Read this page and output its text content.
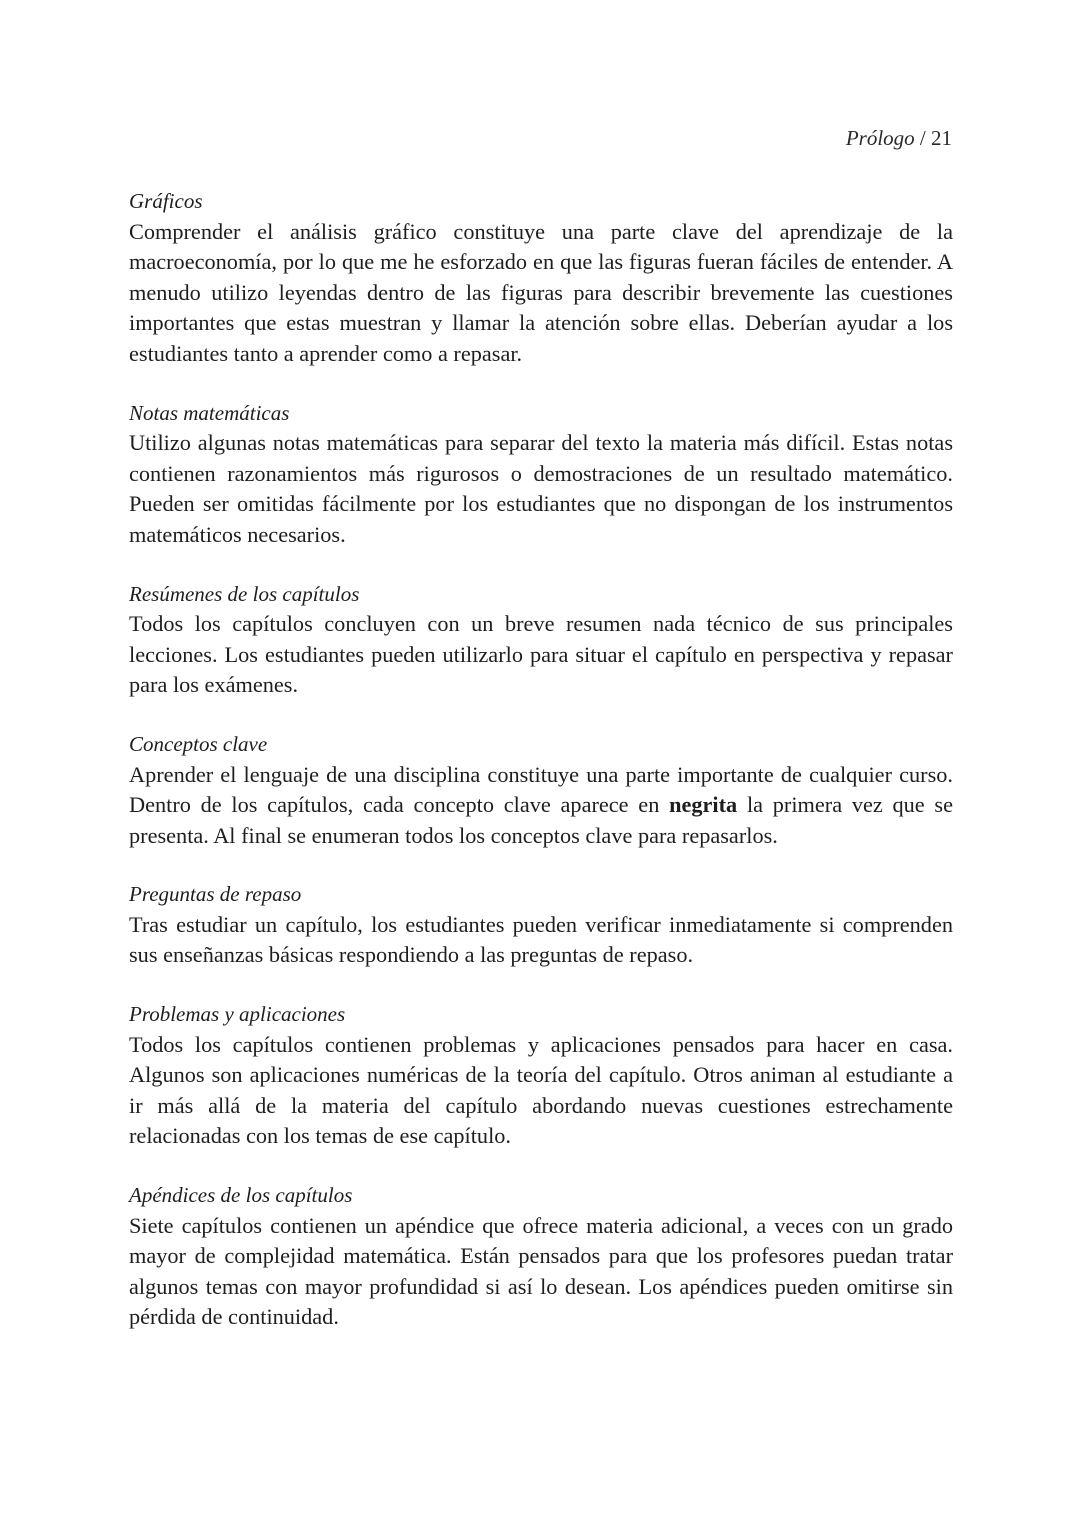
Prólogo / 21
Gráficos

Comprender el análisis gráfico constituye una parte clave del aprendizaje de la macroeconomía, por lo que me he esforzado en que las figuras fueran fáciles de entender. A menudo utilizo leyendas dentro de las figuras para describir brevemente las cuestiones importantes que estas muestran y llamar la atención sobre ellas. Deberían ayudar a los estudiantes tanto a aprender como a repasar.

Notas matemáticas

Utilizo algunas notas matemáticas para separar del texto la materia más difícil. Estas notas contienen razonamientos más rigurosos o demostraciones de un resultado matemático. Pueden ser omitidas fácilmente por los estudiantes que no dispongan de los instrumentos matemáticos necesarios.

Resúmenes de los capítulos

Todos los capítulos concluyen con un breve resumen nada técnico de sus principales lecciones. Los estudiantes pueden utilizarlo para situar el capítulo en perspectiva y repasar para los exámenes.

Conceptos clave

Aprender el lenguaje de una disciplina constituye una parte importante de cualquier curso. Dentro de los capítulos, cada concepto clave aparece en negrita la primera vez que se presenta. Al final se enumeran todos los conceptos clave para repasarlos.

Preguntas de repaso

Tras estudiar un capítulo, los estudiantes pueden verificar inmediatamente si comprenden sus enseñanzas básicas respondiendo a las preguntas de repaso.

Problemas y aplicaciones

Todos los capítulos contienen problemas y aplicaciones pensados para hacer en casa. Algunos son aplicaciones numéricas de la teoría del capítulo. Otros animan al estudiante a ir más allá de la materia del capítulo abordando nuevas cuestiones estrechamente relacionadas con los temas de ese capítulo.

Apéndices de los capítulos

Siete capítulos contienen un apéndice que ofrece materia adicional, a veces con un grado mayor de complejidad matemática. Están pensados para que los profesores puedan tratar algunos temas con mayor profundidad si así lo desean. Los apéndices pueden omitirse sin pérdida de continuidad.
